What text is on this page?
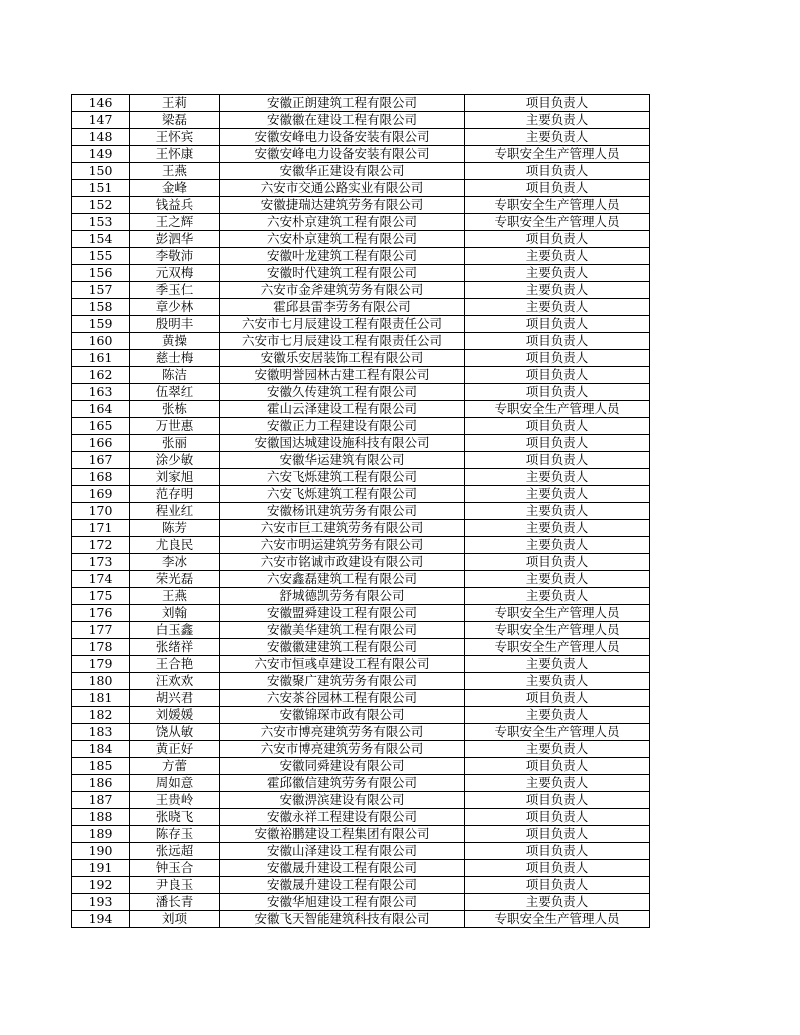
146	王莉	安徽正朗建筑工程有限公司	项目负责人
147	梁磊	安徽徽在建设工程有限公司	主要负责人
148	王怀宾	安徽安峰电力设备安装有限公司	主要负责人
149	王怀康	安徽安峰电力设备安装有限公司	专职安全生产管理人员
150	王燕	安徽华正建设有限公司	项目负责人
151	金峰	六安市交通公路实业有限公司	项目负责人
152	钱益兵	安徽捷瑞达建筑劳务有限公司	专职安全生产管理人员
153	王之辉	六安朴京建筑工程有限公司	专职安全生产管理人员
154	彭泗华	六安朴京建筑工程有限公司	项目负责人
155	李敬沛	安徽叶龙建筑工程有限公司	主要负责人
156	元双梅	安徽时代建筑工程有限公司	主要负责人
157	季玉仁	六安市金斧建筑劳务有限公司	主要负责人
158	章少林	霍邱县雷李劳务有限公司	主要负责人
159	殷明丰	六安市七月辰建设工程有限责任公司	项目负责人
160	黄操	六安市七月辰建设工程有限责任公司	项目负责人
161	慈士梅	安徽乐安居装饰工程有限公司	项目负责人
162	陈洁	安徽明誉园林古建工程有限公司	项目负责人
163	伍翠红	安徽久传建筑工程有限公司	项目负责人
164	张栋	霍山云泽建设工程有限公司	专职安全生产管理人员
165	万世惠	安徽正力工程建设有限公司	项目负责人
166	张丽	安徽国达城建设施科技有限公司	项目负责人
167	涂少敏	安徽华运建筑有限公司	项目负责人
168	刘家旭	六安飞烁建筑工程有限公司	主要负责人
169	范存明	六安飞烁建筑工程有限公司	主要负责人
170	程业红	安徽杨讯建筑劳务有限公司	主要负责人
171	陈芳	六安市巨工建筑劳务有限公司	主要负责人
172	尤良民	六安市明运建筑劳务有限公司	主要负责人
173	李冰	六安市铭诚市政建设有限公司	项目负责人
174	荣光磊	六安鑫磊建筑工程有限公司	主要负责人
175	王燕	舒城德凯劳务有限公司	主要负责人
176	刘翰	安徽盟舜建设工程有限公司	专职安全生产管理人员
177	白玉鑫	安徽美华建筑工程有限公司	专职安全生产管理人员
178	张绪祥	安徽徽建建筑工程有限公司	专职安全生产管理人员
179	王合艳	六安市恒彧卓建设工程有限公司	主要负责人
180	汪欢欢	安徽聚广建筑劳务有限公司	主要负责人
181	胡兴君	六安茶谷园林工程有限公司	项目负责人
182	刘媛媛	安徽锦琛市政有限公司	主要负责人
183	饶从敏	六安市博亮建筑劳务有限公司	专职安全生产管理人员
184	黄正好	六安市博亮建筑劳务有限公司	主要负责人
185	方蕾	安徽同舜建设有限公司	项目负责人
186	周如意	霍邱徽信建筑劳务有限公司	主要负责人
187	王贵岭	安徽淠滨建设有限公司	项目负责人
188	张晓飞	安徽永祥工程建设有限公司	项目负责人
189	陈存玉	安徽裕鹏建设工程集团有限公司	项目负责人
190	张远超	安徽山泽建设工程有限公司	项目负责人
191	钟玉合	安徽晟升建设工程有限公司	项目负责人
192	尹良玉	安徽晟升建设工程有限公司	项目负责人
193	潘长青	安徽华旭建设工程有限公司	主要负责人
194	刘项	安徽飞天智能建筑科技有限公司	专职安全生产管理人员
